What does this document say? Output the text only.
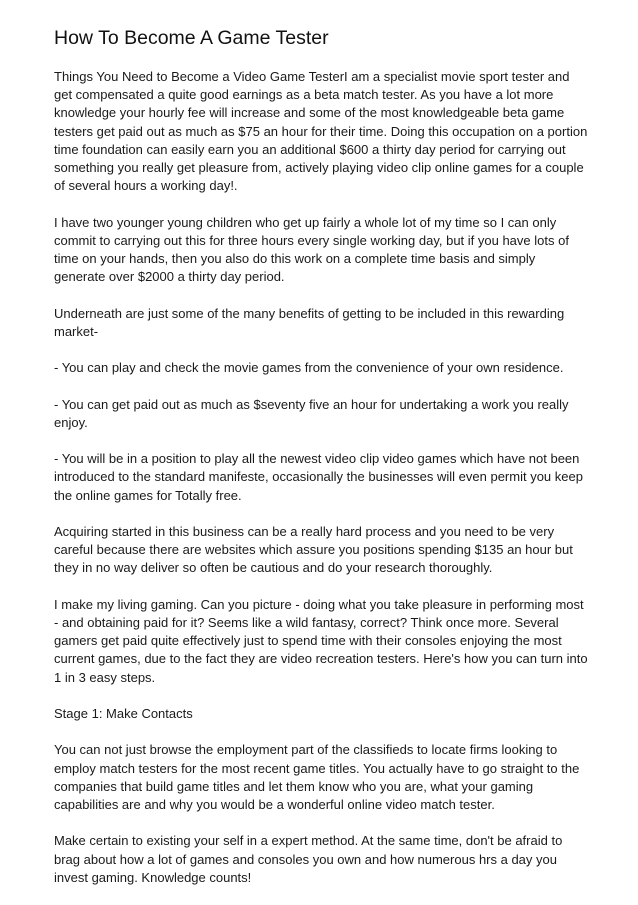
How To Become A Game Tester

Things You Need to Become a Video Game TesterI am a specialist movie sport tester and get compensated a quite good earnings as a beta match tester. As you have a lot more knowledge your hourly fee will increase and some of the most knowledgeable beta game testers get paid out as much as $75 an hour for their time. Doing this occupation on a portion time foundation can easily earn you an additional $600 a thirty day period for carrying out something you really get pleasure from, actively playing video clip online games for a couple of several hours a working day!.

I have two younger young children who get up fairly a whole lot of my time so I can only commit to carrying out this for three hours every single working day, but if you have lots of time on your hands, then you also do this work on a complete time basis and simply generate over $2000 a thirty day period.

Underneath are just some of the many benefits of getting to be included in this rewarding market-

- You can play and check the movie games from the convenience of your own residence.

- You can get paid out as much as $seventy five an hour for undertaking a work you really enjoy.

- You will be in a position to play all the newest video clip video games which have not been introduced to the standard manifeste, occasionally the businesses will even permit you keep the online games for Totally free.

Acquiring started in this business can be a really hard process and you need to be very careful because there are websites which assure you positions spending $135 an hour but they in no way deliver so often be cautious and do your research thoroughly.

I make my living gaming. Can you picture - doing what you take pleasure in performing most - and obtaining paid for it? Seems like a wild fantasy, correct? Think once more. Several gamers get paid quite effectively just to spend time with their consoles enjoying the most current games, due to the fact they are video recreation testers. Here's how you can turn into 1 in 3 easy steps.

Stage 1: Make Contacts

You can not just browse the employment part of the classifieds to locate firms looking to employ match testers for the most recent game titles. You actually have to go straight to the companies that build game titles and let them know who you are, what your gaming capabilities are and why you would be a wonderful online video match tester.

Make certain to existing your self in a expert method. At the same time, don't be afraid to brag about how a lot of games and consoles you own and how numerous hrs a day you invest gaming. Knowledge counts!
